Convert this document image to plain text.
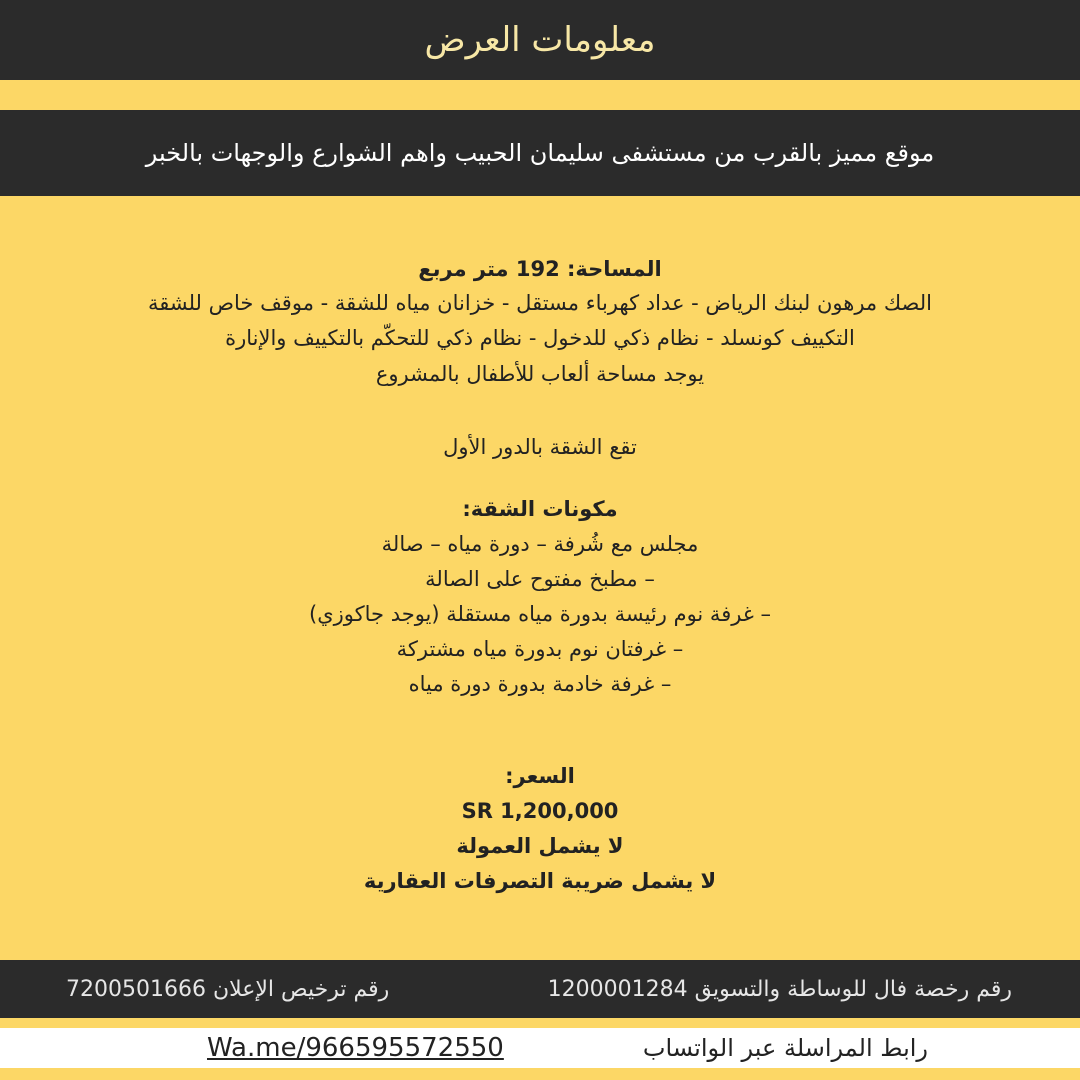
معلومات العرض
موقع مميز بالقرب من مستشفى سليمان الحبيب واهم الشوارع والوجهات بالخبر
المساحة: 192 متر مربع
الصك مرهون لبنك الرياض - عداد كهرباء مستقل - خزانان مياه للشقة - موقف خاص للشقة
التكييف كونسلد - نظام ذكي للدخول - نظام ذكي للتحكّم بالتكييف والإنارة
يوجد مساحة ألعاب للأطفال بالمشروع
تقع الشقة بالدور الأول
مكونات الشقة:
مجلس مع شُرفة – دورة مياه – صالة
– مطبخ مفتوح على الصالة
– غرفة نوم رئيسة بدورة مياه مستقلة (يوجد جاكوزي)
– غرفتان نوم بدورة مياه مشتركة
– غرفة خادمة بدورة دورة مياه
السعر:
SR 1,200,000
لا يشمل العمولة
لا يشمل ضريبة التصرفات العقارية
رقم رخصة فال للوساطة والتسويق 1200001284
رقم ترخيص الإعلان 7200501666
رابط المراسلة عبر الواتساب
Wa.me/966595572550
